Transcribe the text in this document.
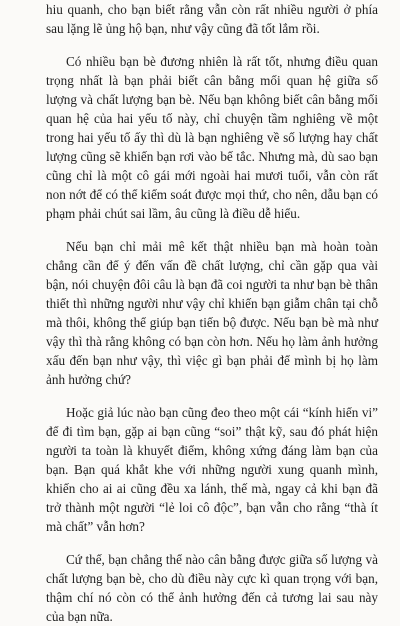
hiu quanh, cho bạn biết rằng vẫn còn rất nhiều người ở phía sau lặng lẽ ủng hộ bạn, như vậy cũng đã tốt lắm rồi.

Có nhiều bạn bè đương nhiên là rất tốt, nhưng điều quan trọng nhất là bạn phải biết cân bằng mối quan hệ giữa số lượng và chất lượng bạn bè. Nếu bạn không biết cân bằng mối quan hệ của hai yếu tố này, chỉ chuyện tầm nghiêng về một trong hai yếu tố ấy thì dù là bạn nghiêng về số lượng hay chất lượng cũng sẽ khiến bạn rơi vào bế tắc. Nhưng mà, dù sao bạn cũng chỉ là một cô gái mới ngoài hai mươi tuổi, vẫn còn rất non nớt để có thể kiểm soát được mọi thứ, cho nên, dẫu bạn có phạm phải chút sai lầm, âu cũng là điều dễ hiểu.

Nếu bạn chỉ mải mê kết thật nhiều bạn mà hoàn toàn chẳng cần để ý đến vấn đề chất lượng, chỉ cần gặp qua vài bận, nói chuyện đôi câu là bạn đã coi người ta như bạn bè thân thiết thì những người như vậy chỉ khiến bạn giẫm chân tại chỗ mà thôi, không thể giúp bạn tiến bộ được. Nếu bạn bè mà như vậy thì thà rằng không có bạn còn hơn. Nếu họ làm ảnh hưởng xấu đến bạn như vậy, thì việc gì bạn phải để mình bị họ làm ảnh hưởng chứ?

Hoặc giả lúc nào bạn cũng đeo theo một cái “kính hiển vi” để đi tìm bạn, gặp ai bạn cũng “soi” thật kỹ, sau đó phát hiện người ta toàn là khuyết điểm, không xứng đáng làm bạn của bạn. Bạn quá khắt khe với những người xung quanh mình, khiến cho ai ai cũng đều xa lánh, thế mà, ngay cả khi bạn đã trở thành một người “lẻ loi cô độc”, bạn vẫn cho rằng “thà ít mà chất” vẫn hơn?

Cứ thế, bạn chẳng thể nào cân bằng được giữa số lượng và chất lượng bạn bè, cho dù điều này cực kì quan trọng với bạn, thậm chí nó còn có thể ảnh hưởng đến cả tương lai sau này của bạn nữa.
